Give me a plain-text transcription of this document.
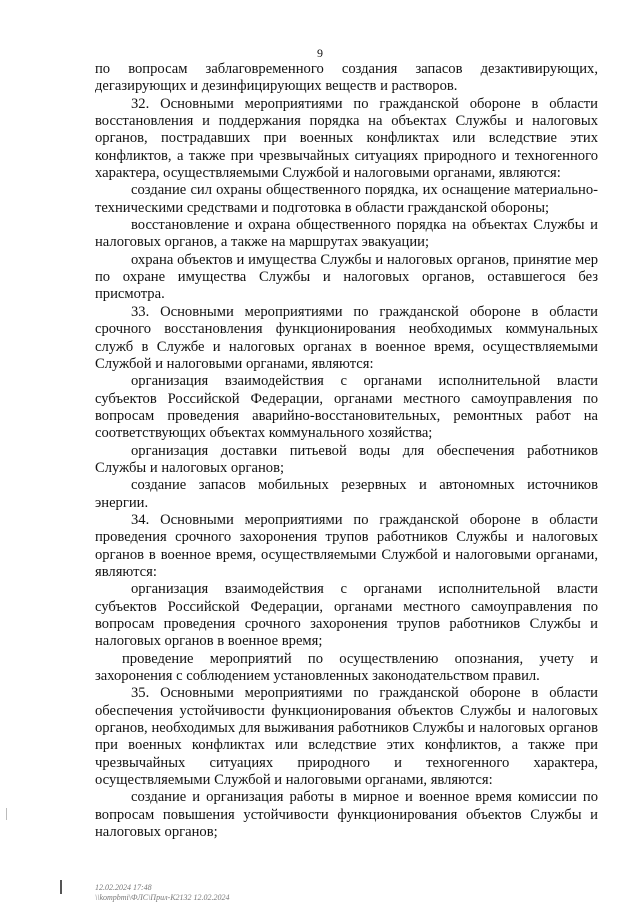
9

по вопросам заблаговременного создания запасов дезактивирующих, дегазирующих и дезинфицирующих веществ и растворов.

32. Основными мероприятиями по гражданской обороне в области восстановления и поддержания порядка на объектах Службы и налоговых органов, пострадавших при военных конфликтах или вследствие этих конфликтов, а также при чрезвычайных ситуациях природного и техногенного характера, осуществляемыми Службой и налоговыми органами, являются:

создание сил охраны общественного порядка, их оснащение материально-техническими средствами и подготовка в области гражданской обороны;

восстановление и охрана общественного порядка на объектах Службы и налоговых органов, а также на маршрутах эвакуации;

охрана объектов и имущества Службы и налоговых органов, принятие мер по охране имущества Службы и налоговых органов, оставшегося без присмотра.

33. Основными мероприятиями по гражданской обороне в области срочного восстановления функционирования необходимых коммунальных служб в Службе и налоговых органах в военное время, осуществляемыми Службой и налоговыми органами, являются:

организация взаимодействия с органами исполнительной власти субъектов Российской Федерации, органами местного самоуправления по вопросам проведения аварийно-восстановительных, ремонтных работ на соответствующих объектах коммунального хозяйства;

организация доставки питьевой воды для обеспечения работников Службы и налоговых органов;

создание запасов мобильных резервных и автономных источников энергии.

34. Основными мероприятиями по гражданской обороне в области проведения срочного захоронения трупов работников Службы и налоговых органов в военное время, осуществляемыми Службой и налоговыми органами, являются:

организация взаимодействия с органами исполнительной власти субъектов Российской Федерации, органами местного самоуправления по вопросам проведения срочного захоронения трупов работников Службы и налоговых органов в военное время;

проведение мероприятий по осуществлению опознания, учету и захоронения с соблюдением установленных законодательством правил.

35. Основными мероприятиями по гражданской обороне в области обеспечения устойчивости функционирования объектов Службы и налоговых органов, необходимых для выживания работников Службы и налоговых органов при военных конфликтах или вследствие этих конфликтов, а также при чрезвычайных ситуациях природного и техногенного характера, осуществляемыми Службой и налоговыми органами, являются:

создание и организация работы в мирное и военное время комиссии по вопросам повышения устойчивости функционирования объектов Службы и налоговых органов;

12.02.2024 17:48
\\kompbmi\ФЛС\Прил-К2132 12.02.2024
